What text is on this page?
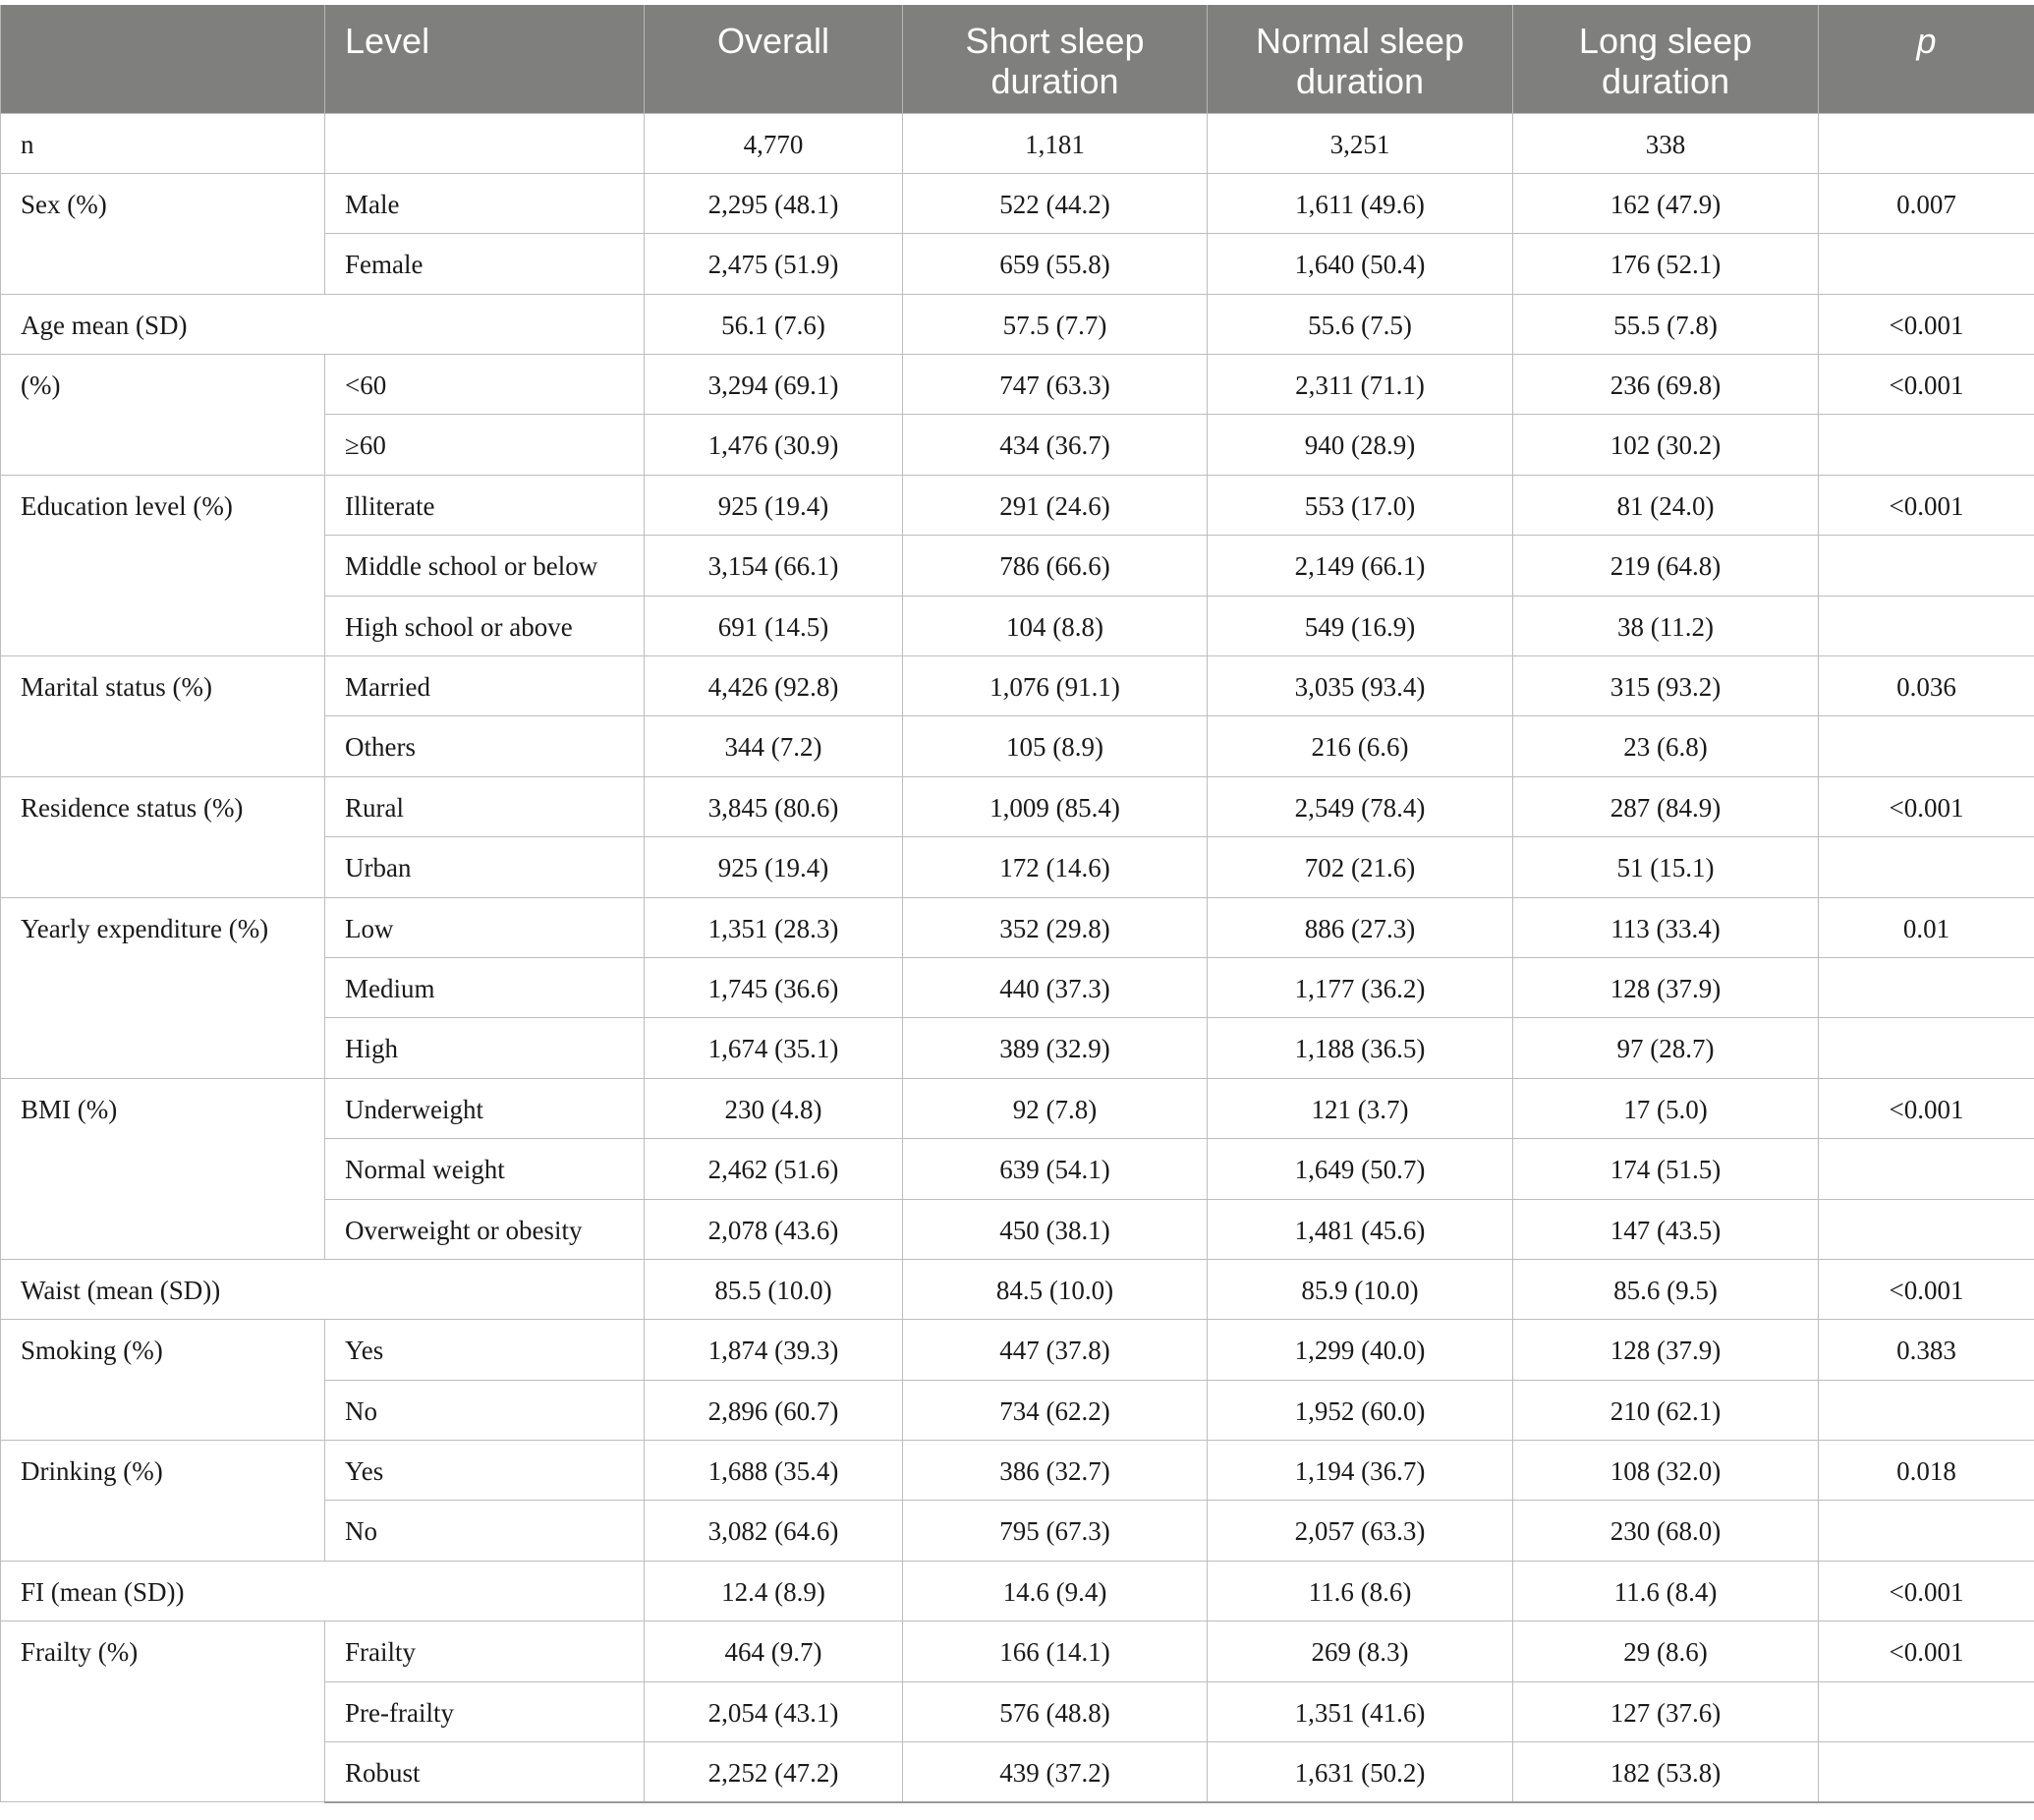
	Level	Overall	Short sleep duration	Normal sleep duration	Long sleep duration	p
n		4,770	1,181	3,251	338	
Sex (%)	Male	2,295 (48.1)	522 (44.2)	1,611 (49.6)	162 (47.9)	0.007
	Female	2,475 (51.9)	659 (55.8)	1,640 (50.4)	176 (52.1)	
Age mean (SD)		56.1 (7.6)	57.5 (7.7)	55.6 (7.5)	55.5 (7.8)	<0.001
(%)	<60	3,294 (69.1)	747 (63.3)	2,311 (71.1)	236 (69.8)	<0.001
	≥60	1,476 (30.9)	434 (36.7)	940 (28.9)	102 (30.2)	
Education level (%)	Illiterate	925 (19.4)	291 (24.6)	553 (17.0)	81 (24.0)	<0.001
	Middle school or below	3,154 (66.1)	786 (66.6)	2,149 (66.1)	219 (64.8)	
	High school or above	691 (14.5)	104 (8.8)	549 (16.9)	38 (11.2)	
Marital status (%)	Married	4,426 (92.8)	1,076 (91.1)	3,035 (93.4)	315 (93.2)	0.036
	Others	344 (7.2)	105 (8.9)	216 (6.6)	23 (6.8)	
Residence status (%)	Rural	3,845 (80.6)	1,009 (85.4)	2,549 (78.4)	287 (84.9)	<0.001
	Urban	925 (19.4)	172 (14.6)	702 (21.6)	51 (15.1)	
Yearly expenditure (%)	Low	1,351 (28.3)	352 (29.8)	886 (27.3)	113 (33.4)	0.01
	Medium	1,745 (36.6)	440 (37.3)	1,177 (36.2)	128 (37.9)	
	High	1,674 (35.1)	389 (32.9)	1,188 (36.5)	97 (28.7)	
BMI (%)	Underweight	230 (4.8)	92 (7.8)	121 (3.7)	17 (5.0)	<0.001
	Normal weight	2,462 (51.6)	639 (54.1)	1,649 (50.7)	174 (51.5)	
	Overweight or obesity	2,078 (43.6)	450 (38.1)	1,481 (45.6)	147 (43.5)	
Waist (mean (SD))		85.5 (10.0)	84.5 (10.0)	85.9 (10.0)	85.6 (9.5)	<0.001
Smoking (%)	Yes	1,874 (39.3)	447 (37.8)	1,299 (40.0)	128 (37.9)	0.383
	No	2,896 (60.7)	734 (62.2)	1,952 (60.0)	210 (62.1)	
Drinking (%)	Yes	1,688 (35.4)	386 (32.7)	1,194 (36.7)	108 (32.0)	0.018
	No	3,082 (64.6)	795 (67.3)	2,057 (63.3)	230 (68.0)	
FI (mean (SD))		12.4 (8.9)	14.6 (9.4)	11.6 (8.6)	11.6 (8.4)	<0.001
Frailty (%)	Frailty	464 (9.7)	166 (14.1)	269 (8.3)	29 (8.6)	<0.001
	Pre-frailty	2,054 (43.1)	576 (48.8)	1,351 (41.6)	127 (37.6)	
	Robust	2,252 (47.2)	439 (37.2)	1,631 (50.2)	182 (53.8)	
